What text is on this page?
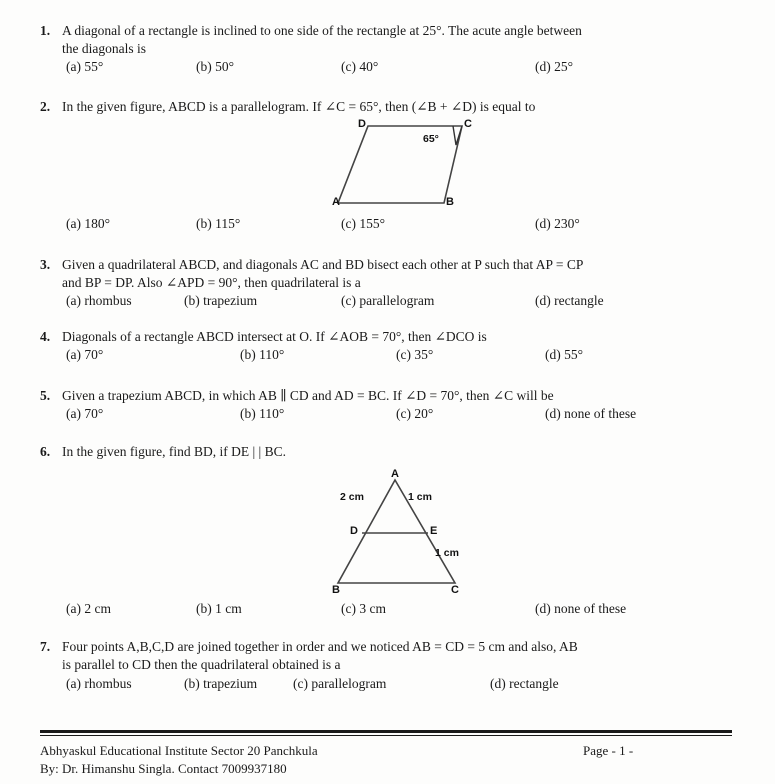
1. A diagonal of a rectangle is inclined to one side of the rectangle at 25°. The acute angle between
the diagonals is
(a) 55°	(b) 50°	(c) 40°	(d) 25°
2. In the given figure, ABCD is a parallelogram. If ∠C = 65°, then (∠B + ∠D) is equal to
A	B
C
D
65°
(a) 180°	(b) 115°	(c) 155°	(d) 230°
3. Given a quadrilateral ABCD, and diagonals AC and BD bisect each other at P such that AP = CP
and BP = DP. Also ∠APD = 90°, then quadrilateral is a
(a) rhombus	(b) trapezium	(c) parallelogram	(d) rectangle
4. Diagonals of a rectangle ABCD intersect at O. If ∠AOB = 70°, then ∠DCO is
(a) 70°	(b) 110°	(c) 35°	(d) 55°
5. Given a trapezium ABCD, in which AB ∥ CD and AD = BC. If ∠D = 70°, then ∠C will be
(a) 70°	(b) 110°	(c) 20°	(d) none of these
6. In the given figure, find BD, if DE | | BC.
A
B	C
D	E
2 cm	1 cm
1 cm
(a) 2 cm	(b) 1 cm	(c) 3 cm	(d) none of these
7. Four points A,B,C,D are joined together in order and we noticed AB = CD = 5 cm and also, AB
is parallel to CD then the quadrilateral obtained is a
(a) rhombus	(b) trapezium	(c) parallelogram	(d) rectangle
Abhyaskul Educational Institute Sector 20 Panchkula
By: Dr. Himanshu Singla. Contact 7009937180
Page - 1 -
